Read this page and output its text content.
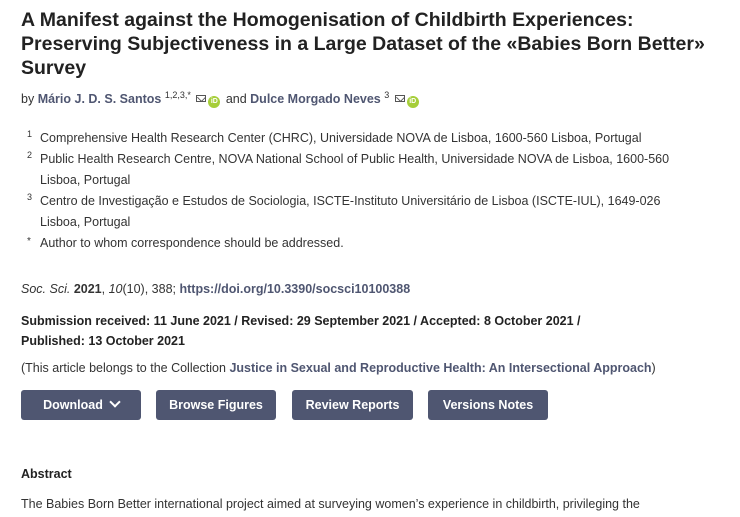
A Manifest against the Homogenisation of Childbirth Experiences: Preserving Subjectiveness in a Large Dataset of the «Babies Born Better» Survey
by Mário J. D. S. Santos $^{1,2,3,*}$ iD and Dulce Morgado Neves $^3$ iD
1 Comprehensive Health Research Center (CHRC), Universidade NOVA de Lisboa, 1600-560 Lisboa, Portugal
2 Public Health Research Centre, NOVA National School of Public Health, Universidade NOVA de Lisboa, 1600-560
Lisboa, Portugal
3 Centro de Investigação e Estudos de Sociologia, ISCTE-Instituto Universitário de Lisboa (ISCTE-IUL), 1649-026
Lisboa, Portugal
* Author to whom correspondence should be addressed.
Soc. Sci. 2021, 10(10), 388; https://doi.org/10.3390/socsci10100388
Submission received: 11 June 2021 / Revised: 29 September 2021 / Accepted: 8 October 2021 /
Published: 13 October 2021
(This article belongs to the Collection Justice in Sexual and Reproductive Health: An Intersectional Approach)
Download	Browse Figures	Review Reports	Versions Notes
Abstract
The Babies Born Better international project aimed at surveying women’s experience in childbirth, privileging the
